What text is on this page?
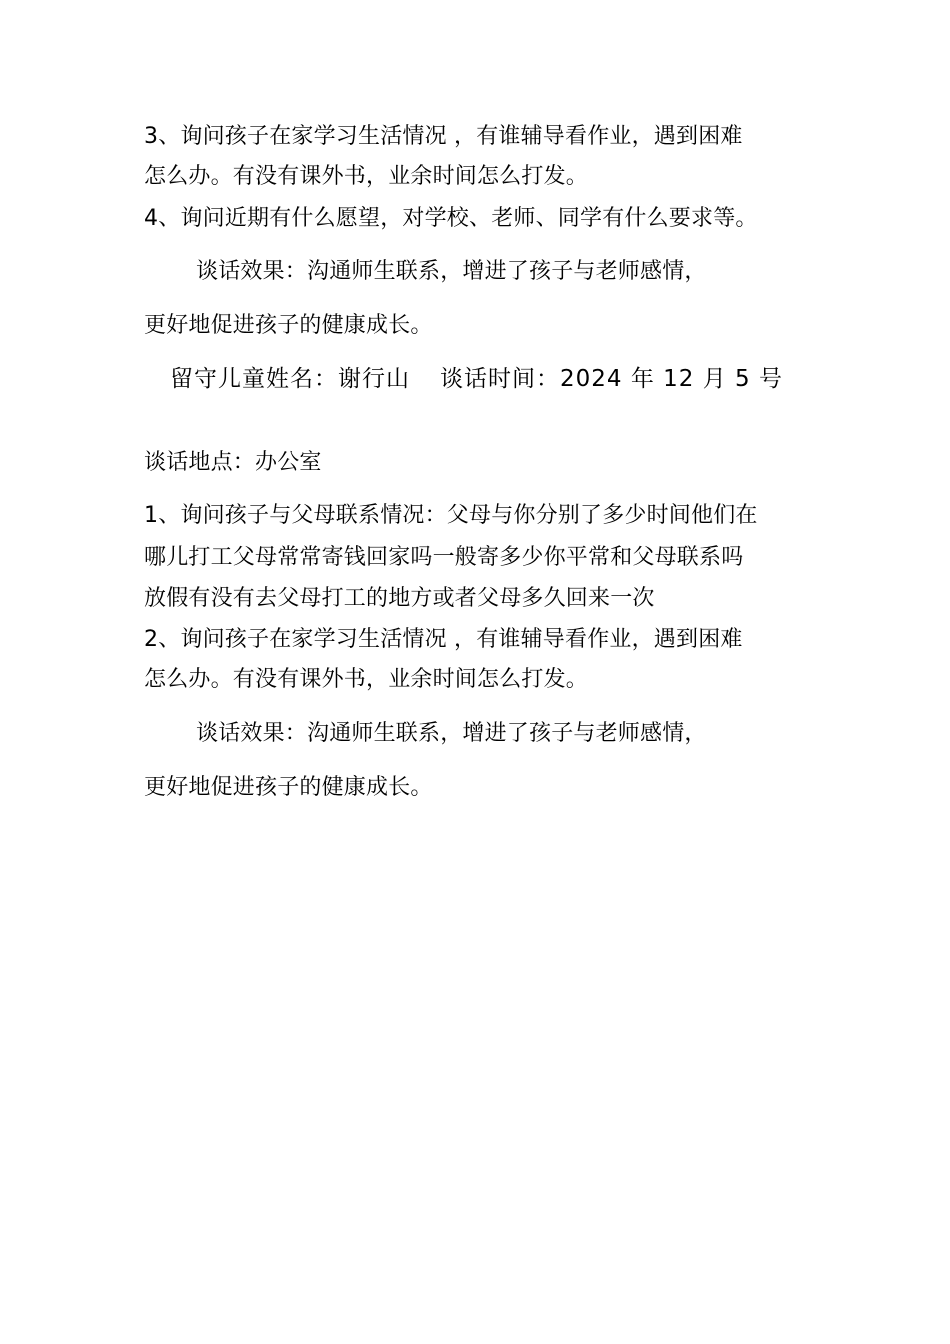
3、询问孩子在家学习生活情况 ，有谁辅导看作业，遇到困难
怎么办。有没有课外书，业余时间怎么打发。
4、询问近期有什么愿望，对学校、老师、同学有什么要求等。
谈话效果：沟通师生联系，增进了孩子与老师感情，
更好地促进孩子的健康成长。
留守儿童姓名：谢行山 谈话时间：2024 年 12 月 5 号
谈话地点：办公室
1、询问孩子与父母联系情况：父母与你分别了多少时间他们在
哪儿打工父母常常寄钱回家吗一般寄多少你平常和父母联系吗
放假有没有去父母打工的地方或者父母多久回来一次
2、询问孩子在家学习生活情况 ，有谁辅导看作业，遇到困难
怎么办。有没有课外书，业余时间怎么打发。
谈话效果：沟通师生联系，增进了孩子与老师感情，
更好地促进孩子的健康成长。
